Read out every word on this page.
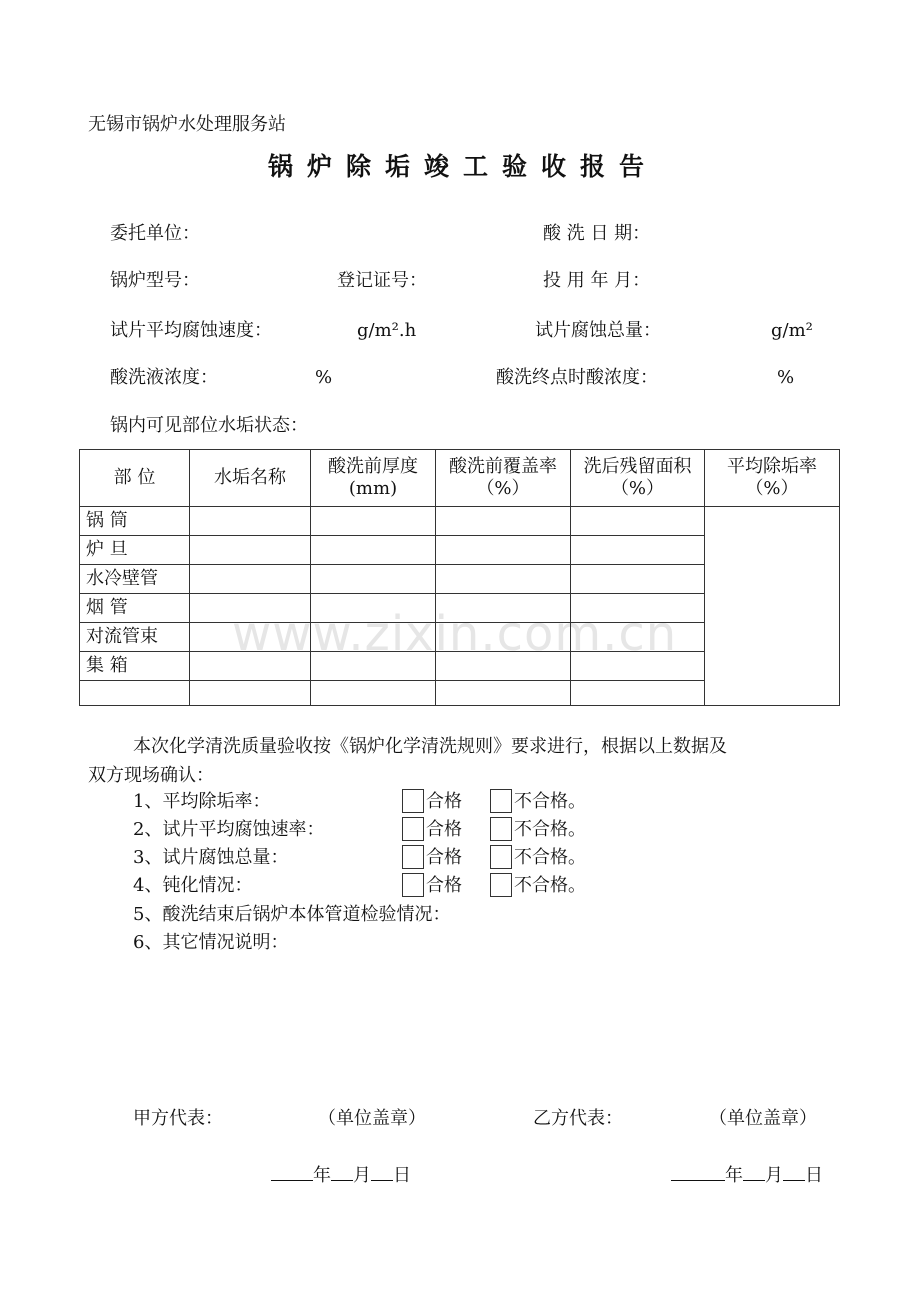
www.zixin.com.cn
无锡市锅炉水处理服务站
锅炉除垢竣工验收报告
委托单位：	酸 洗 日 期：
锅炉型号：	登记证号：	投 用 年 月：
试片平均腐蚀速度：	g/m².h	试片腐蚀总量：	g/m²
酸洗液浓度：	%	酸洗终点时酸浓度：	%
锅内可见部位水垢状态：
部 位	水垢名称	酸洗前厚度(mm)	酸洗前覆盖率（%）	洗后残留面积（%）	平均除垢率（%）
锅 筒					
炉 旦					
水冷壁管					
烟 管					
对流管束					
集 箱					

本次化学清洗质量验收按《锅炉化学清洗规则》要求进行，根据以上数据及
双方现场确认：
1、平均除垢率：	合格	不合格。
2、试片平均腐蚀速率：	合格	不合格。
3、试片腐蚀总量：	合格	不合格。
4、钝化情况：	合格	不合格。
5、酸洗结束后锅炉本体管道检验情况：
6、其它情况说明：
甲方代表：	（单位盖章）	乙方代表：	（单位盖章）
年 月 日	年 月 日
